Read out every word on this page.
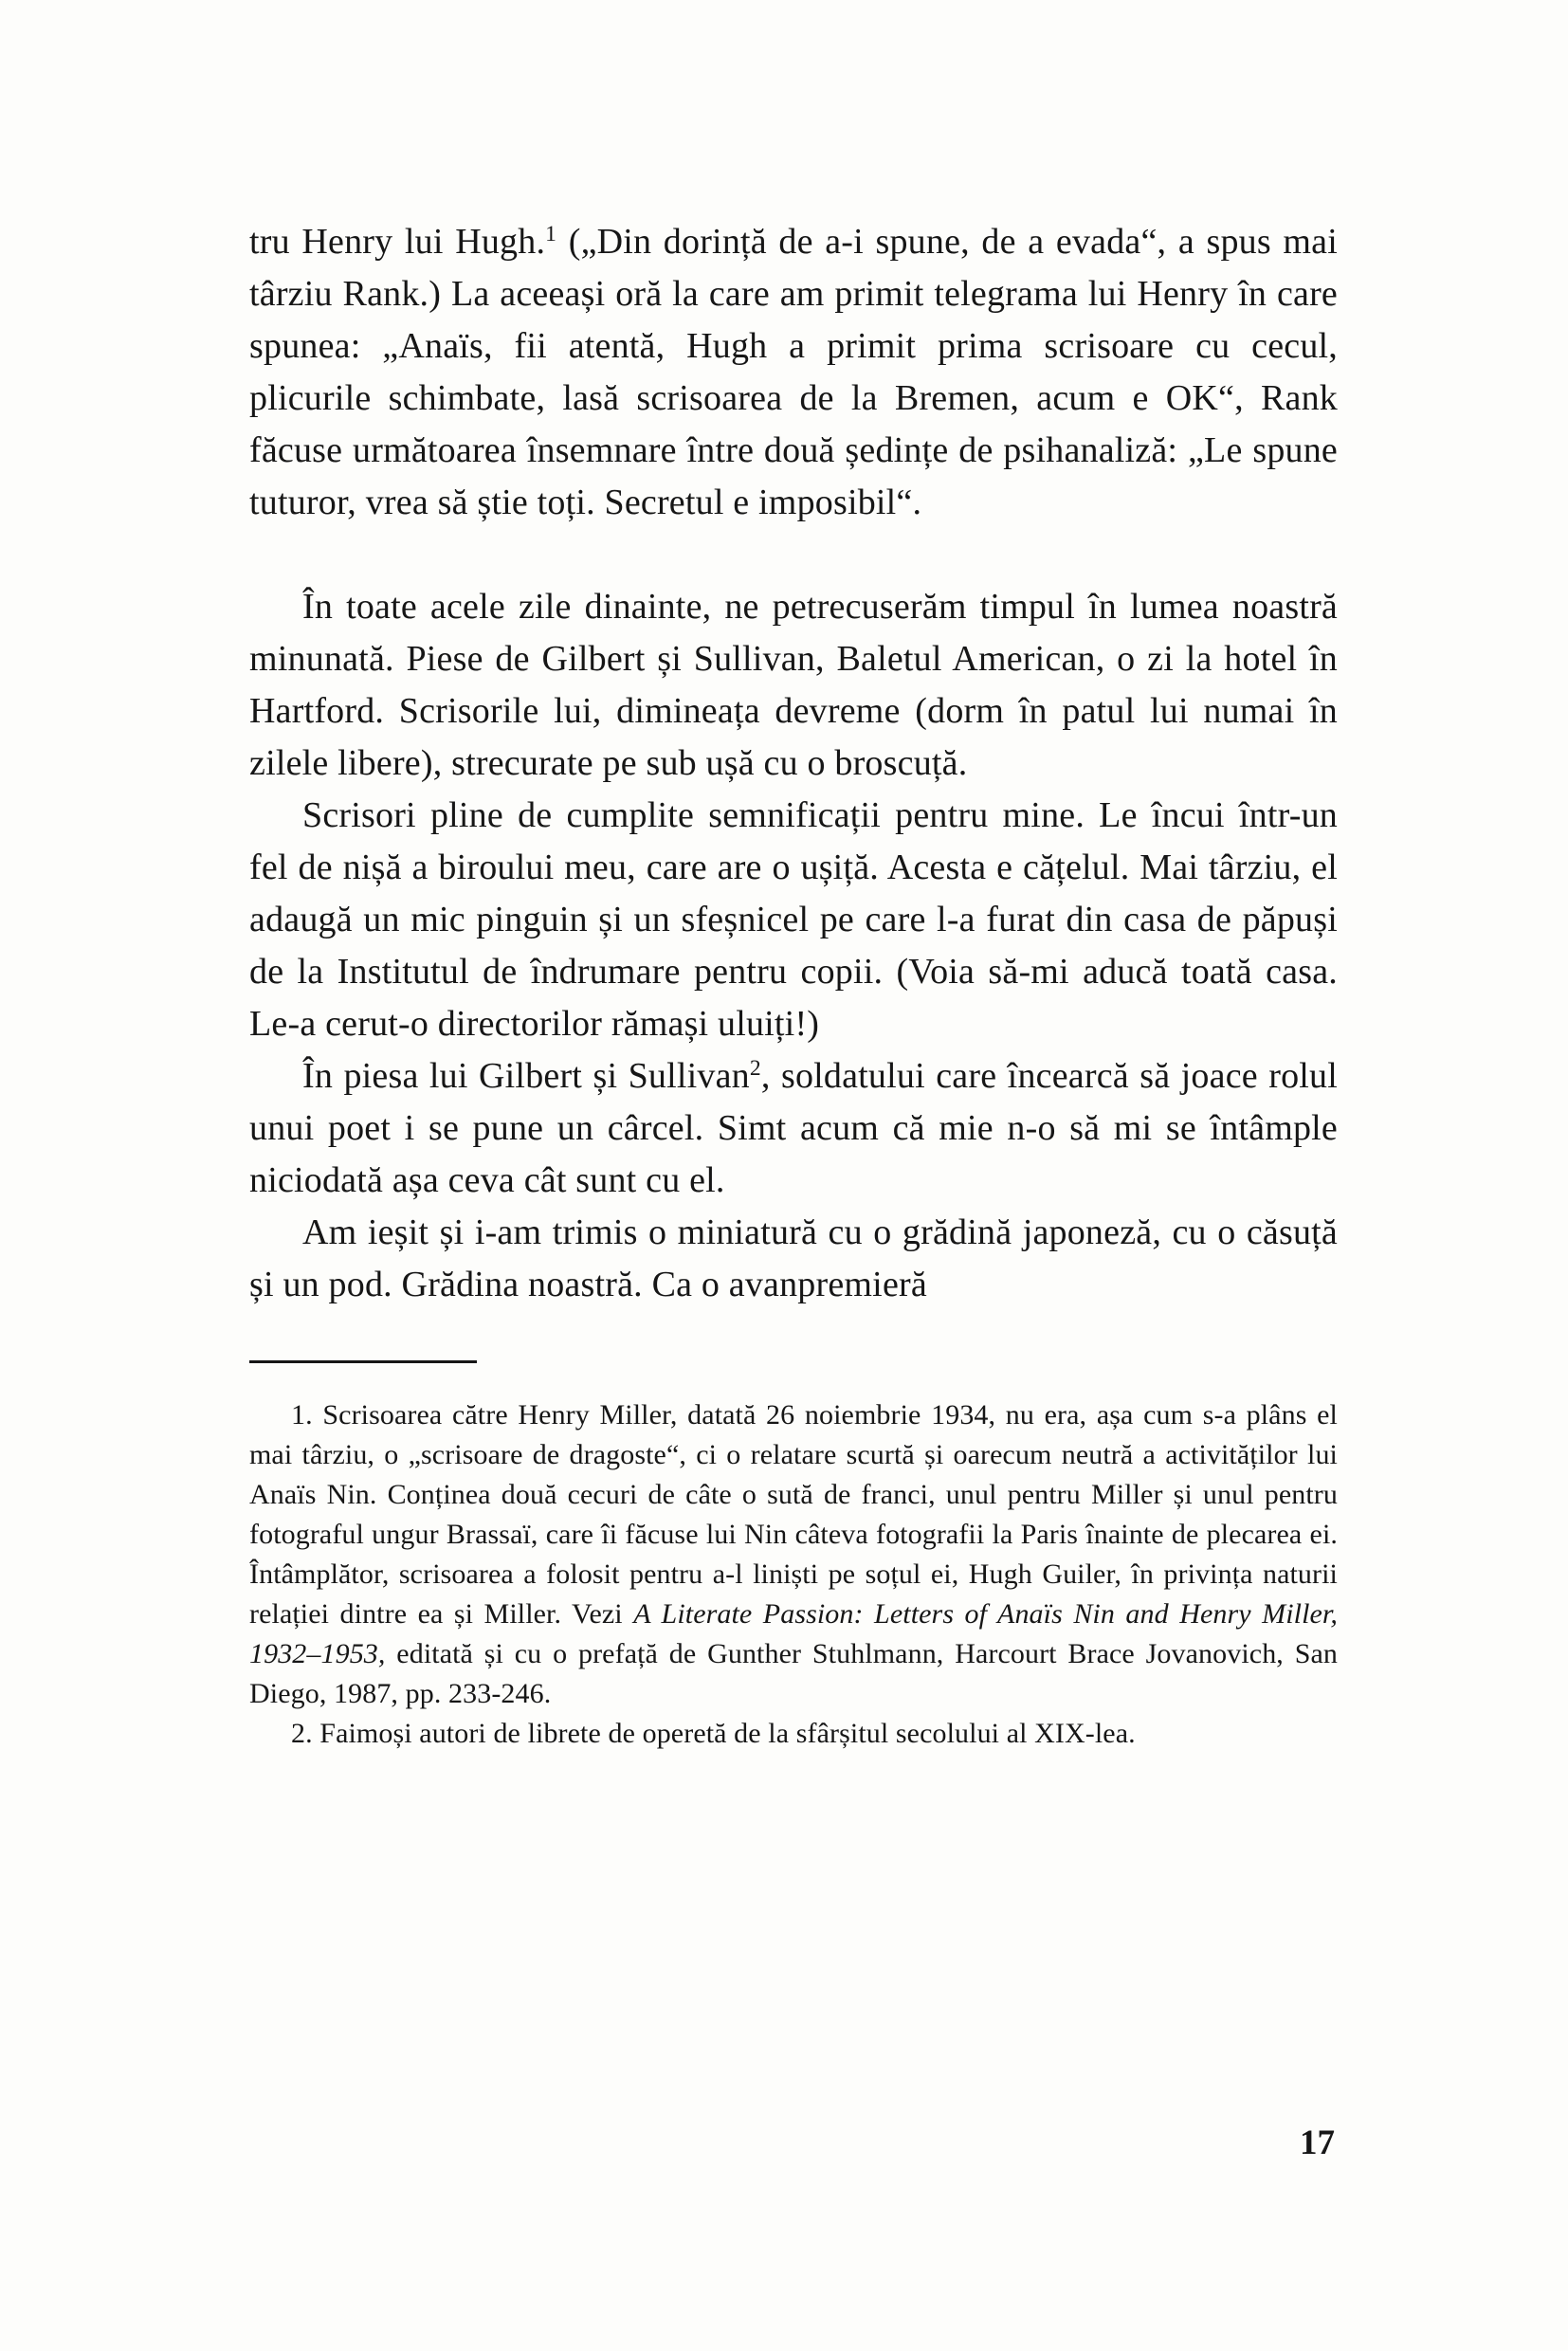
tru Henry lui Hugh.$^1$ („Din dorință de a-i spune, de a evada“, a spus mai târziu Rank.) La aceeași oră la care am primit telegrama lui Henry în care spunea: „Anaïs, fii atentă, Hugh a primit prima scrisoare cu cecul, plicurile schimbate, lasă scrisoarea de la Bremen, acum e OK“, Rank făcuse următoarea însemnare între două ședințe de psihanaliză: „Le spune tuturor, vrea să știe toți. Secretul e imposibil“.

În toate acele zile dinainte, ne petrecuserăm timpul în lumea noastră minunată. Piese de Gilbert și Sullivan, Baletul American, o zi la hotel în Hartford. Scrisorile lui, dimineața devreme (dorm în patul lui numai în zilele libere), strecurate pe sub ușă cu o broscuță.

Scrisori pline de cumplite semnificații pentru mine. Le încui într-un fel de nișă a biroului meu, care are o ușiță. Acesta e cățelul. Mai târziu, el adaugă un mic pinguin și un sfeșnicel pe care l-a furat din casa de păpuși de la Institutul de îndrumare pentru copii. (Voia să-mi aducă toată casa. Le-a cerut-o directorilor rămași uluiți!)

În piesa lui Gilbert și Sullivan$^2$, soldatului care încearcă să joace rolul unui poet i se pune un cârcel. Simt acum că mie n-o să mi se întâmple niciodată așa ceva cât sunt cu el.

Am ieșit și i-am trimis o miniatură cu o grădină japoneză, cu o căsuță și un pod. Grădina noastră. Ca o avanpremieră

1. Scrisoarea către Henry Miller, datată 26 noiembrie 1934, nu era, așa cum s-a plâns el mai târziu, o „scrisoare de dragoste“, ci o relatare scurtă și oarecum neutră a activităților lui Anaïs Nin. Conținea două cecuri de câte o sută de franci, unul pentru Miller și unul pentru fotograful ungur Brassaï, care îi făcuse lui Nin câteva fotografii la Paris înainte de plecarea ei. Întâmplător, scrisoarea a folosit pentru a-l liniști pe soțul ei, Hugh Guiler, în privința naturii relației dintre ea și Miller. Vezi A Literate Passion: Letters of Anaïs Nin and Henry Miller, 1932–1953, editată și cu o prefață de Gunther Stuhlmann, Harcourt Brace Jovanovich, San Diego, 1987, pp. 233-246.

2. Faimoși autori de librete de operetă de la sfârșitul secolului al XIX-lea.

17
